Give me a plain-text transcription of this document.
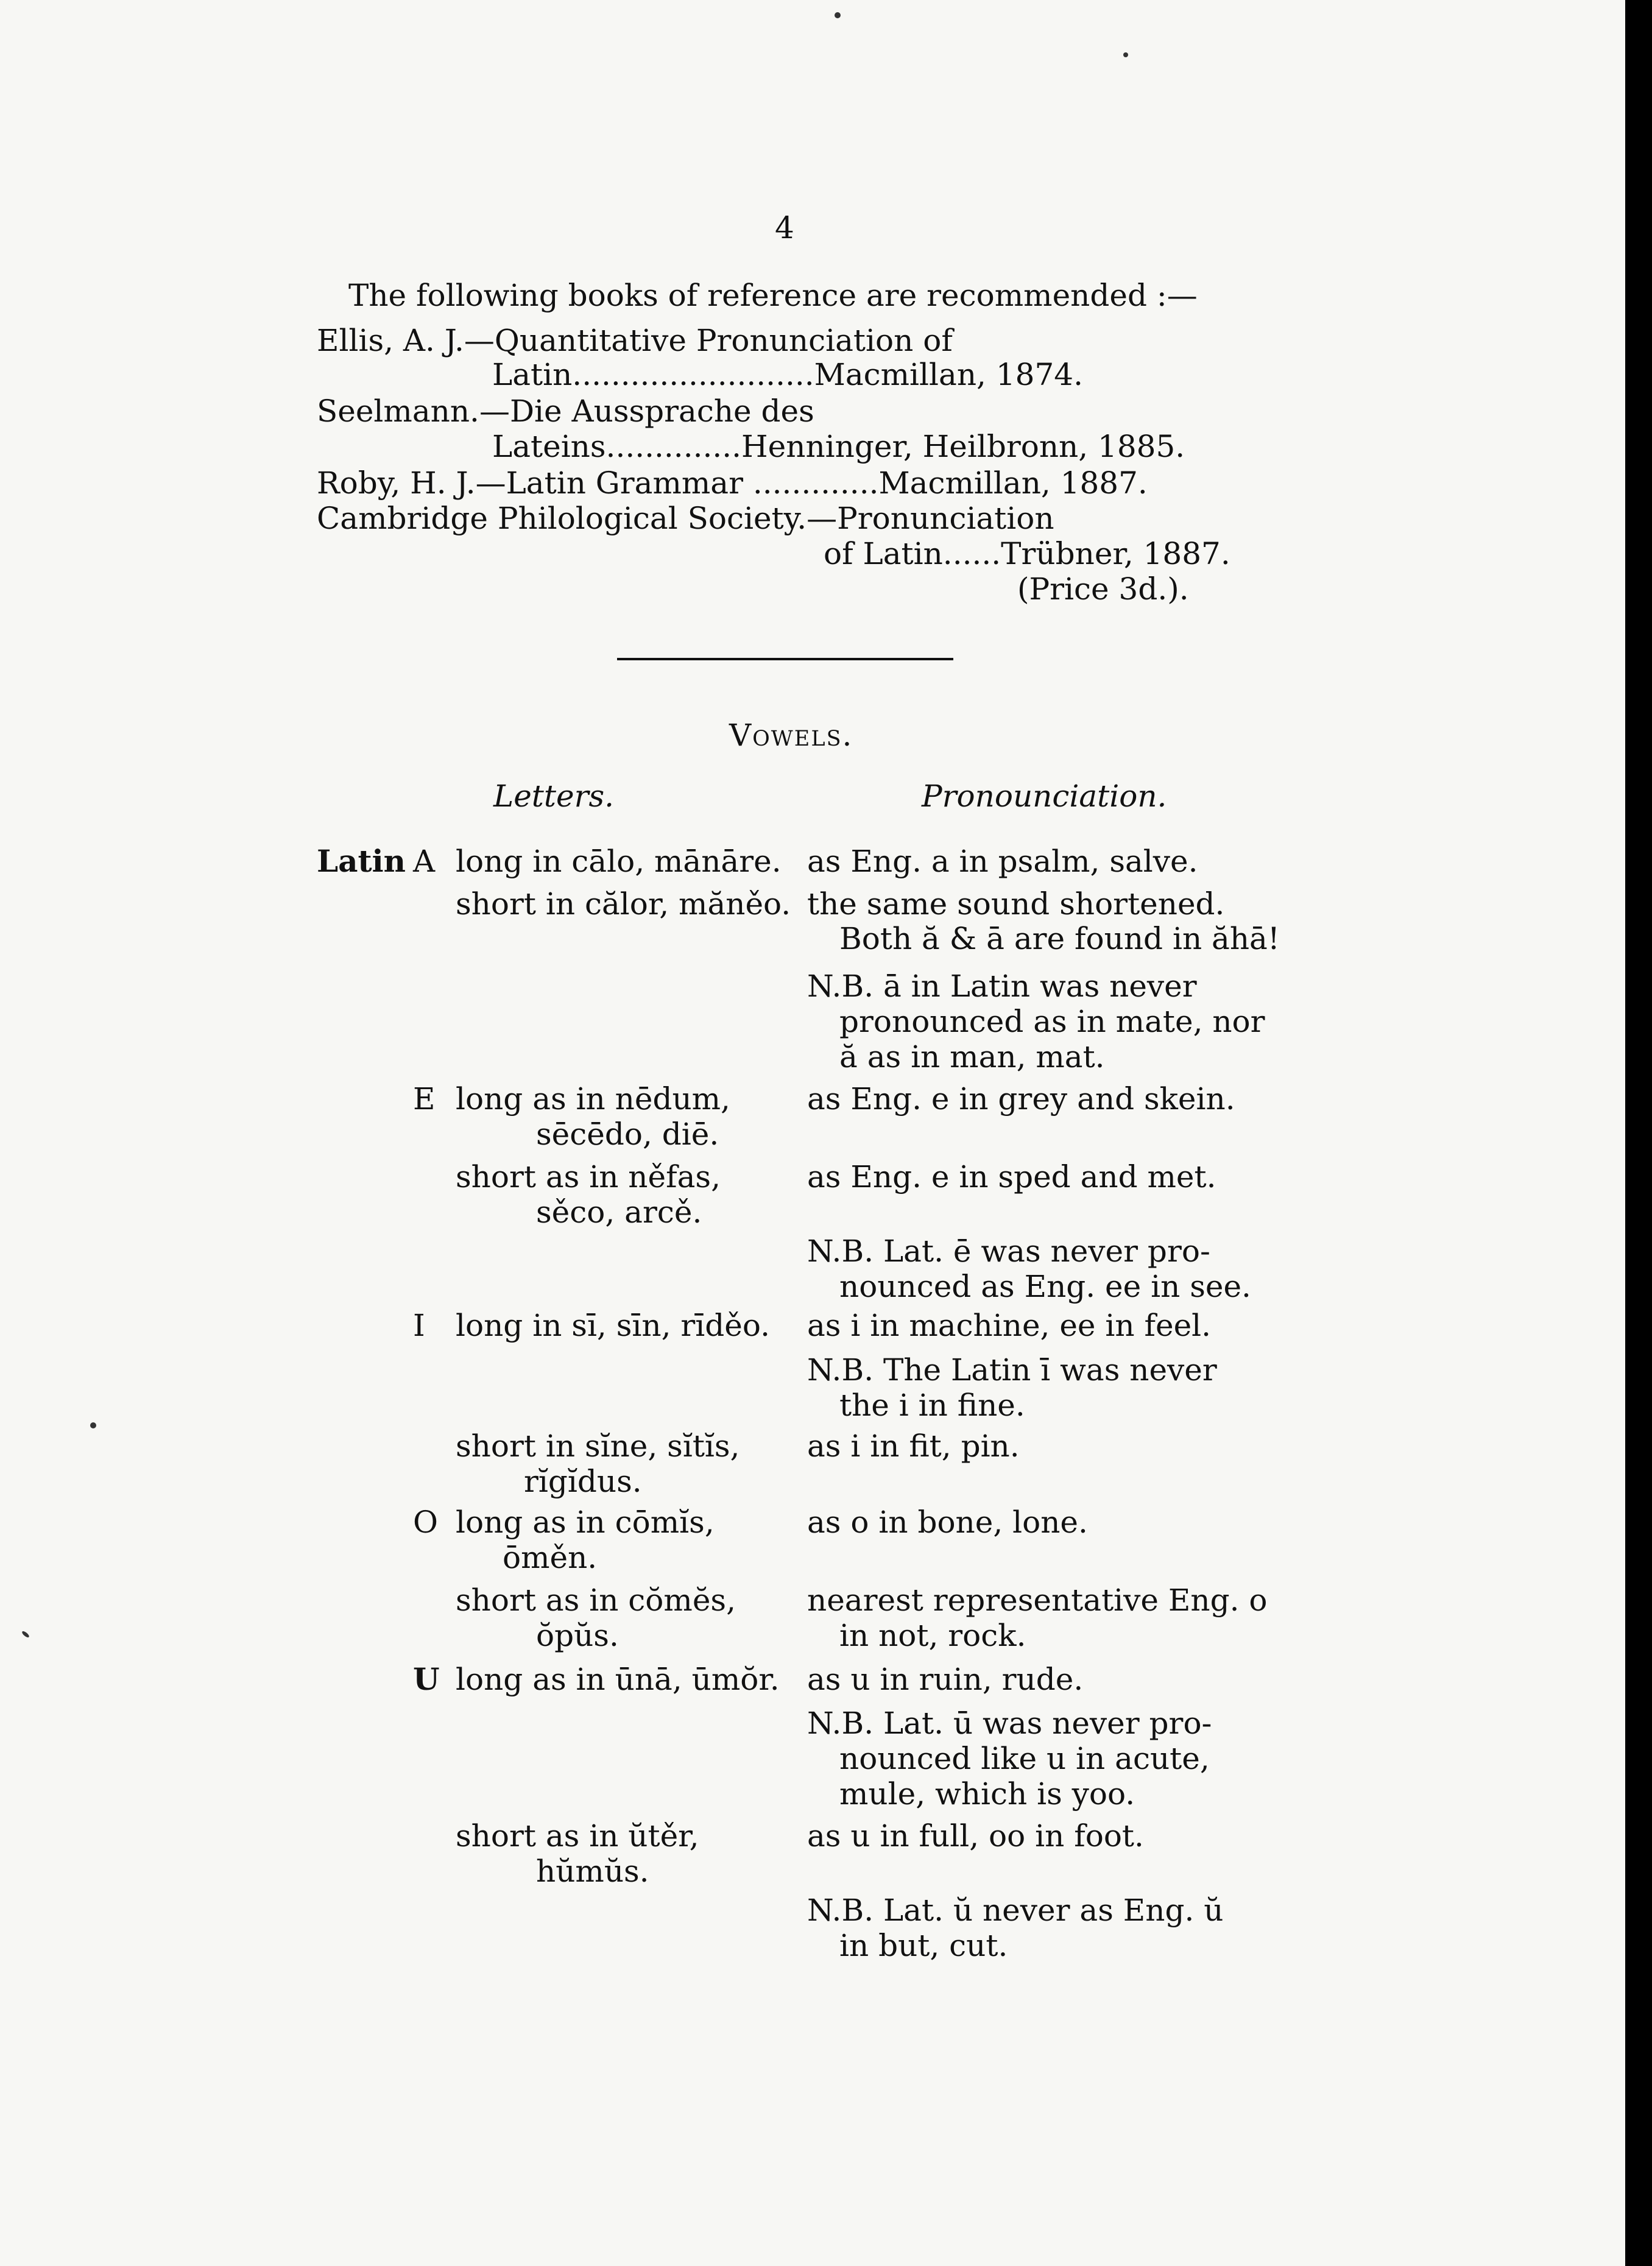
4
The following books of reference are recommended :—
Ellis, A. J.—Quantitative Pronunciation of
Latin.........................Macmillan, 1874.
Seelmann.—Die Aussprache des
Lateins..............Henninger, Heilbronn, 1885.
Roby, H. J.—Latin Grammar .............Macmillan, 1887.
Cambridge Philological Society.—Pronunciation
of Latin......Trübner, 1887.
(Price 3d.).
Vowels.
Letters.	Pronounciation.
Latin A long in cālo, mānāre. as Eng. a in psalm, salve.
short in călor, măněo. the same sound shortened.
Both ă & ā are found in ăhā!
N.B. ā in Latin was never
pronounced as in mate, nor
ă as in man, mat.
E long as in nēdum,
sēcēdo, diē.
as Eng. e in grey and skein.
short as in něfas,
sěco, arcě.
as Eng. e in sped and met.
N.B. Lat. ē was never pro-
nounced as Eng. ee in see.
I long in sī, sīn, rīděo. as i in machine, ee in feel.
N.B. The Latin ī was never
the i in fine.
short in sĭne, sĭtĭs,
rĭgĭdus.
as i in fit, pin.
O long as in cōmĭs,
ōměn.
as o in bone, lone.
short as in cŏmĕs,
ŏpŭs.
nearest representative Eng. o
in not, rock.
U long as in ūnā, ūmŏr. as u in ruin, rude.
N.B. Lat. ū was never pro-
nounced like u in acute,
mule, which is yoo.
short as in ŭtěr,
hŭmŭs.
as u in full, oo in foot.
N.B. Lat. ŭ never as Eng. ŭ
in but, cut.
